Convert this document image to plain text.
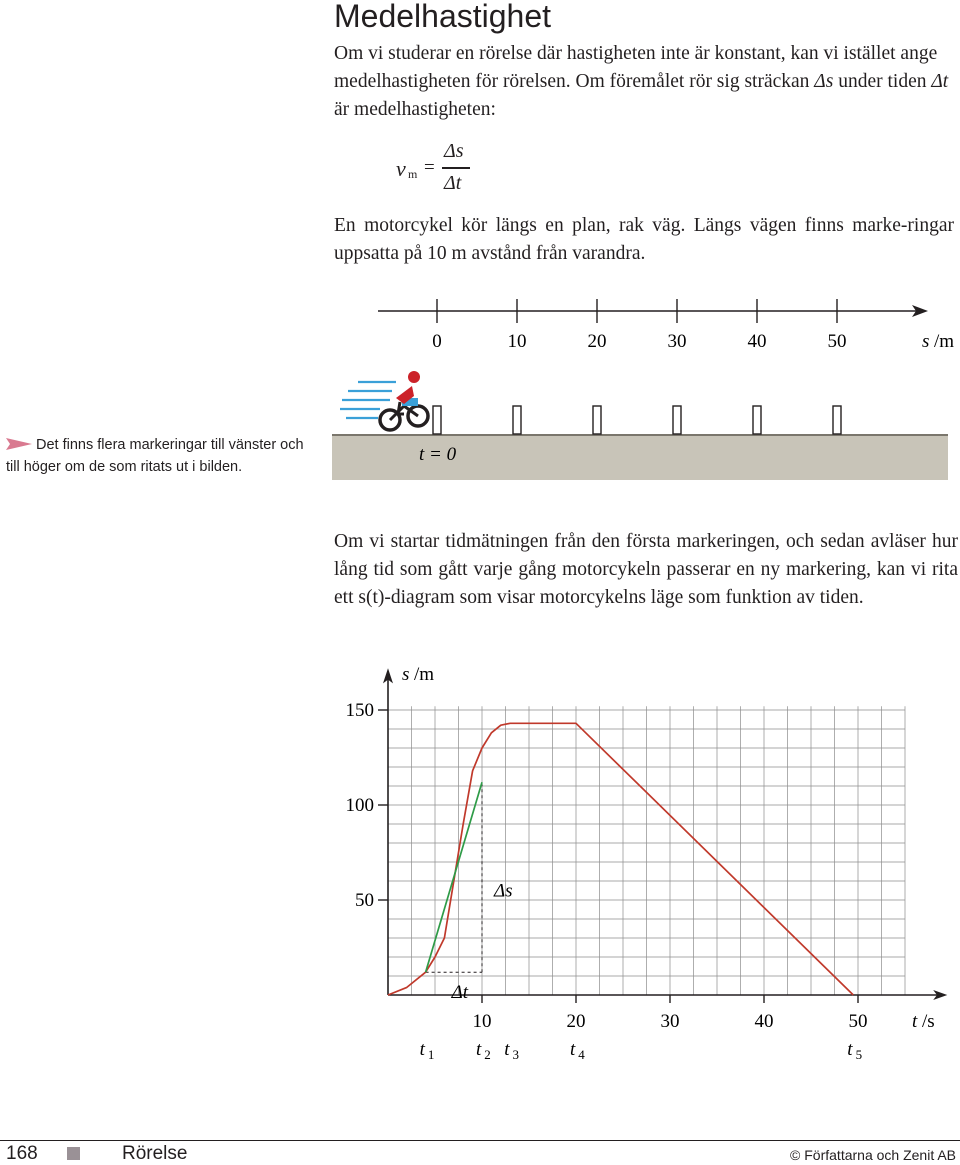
Medelhastighet
Om vi studerar en rörelse där hastigheten inte är konstant, kan vi istället ange medelhastigheten för rörelsen. Om föremålet rör sig sträckan Δs under tiden Δt är medelhastigheten:
v m =
Δs
Δt
En motorcykel kör längs en plan, rak väg. Längs vägen finns marke-ringar uppsatta på 10 m avstånd från varandra.
0	10	20	30	40	50	s /m
t = 0
Det finns flera markeringar till vänster och till höger om de som ritats ut i bilden.
Om vi startar tidmätningen från den första markeringen, och sedan avläser hur lång tid som gått varje gång motorcykeln passerar en ny markering, kan vi rita ett s(t)-diagram som visar motorcykelns läge som funktion av tiden.
50
100
150
10	20	30	40	50
Δs
Δt
t $_1$ t $_2$ t $_3$	t $_4$	t $_5$
s /m
t /s
168	Rörelse	© Författarna och Zenit AB
